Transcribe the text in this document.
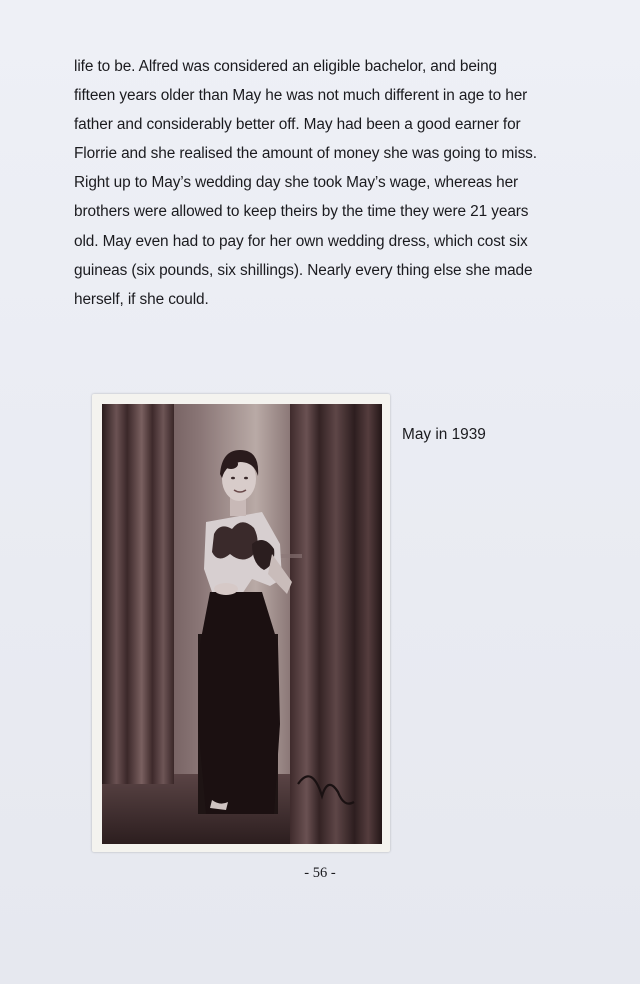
life to be. Alfred was considered an eligible bachelor, and being
fifteen years older than May he was not much different in age to her
father and considerably better off. May had been a good earner for
Florrie and she realised the amount of money she was going to miss.
Right up to May’s wedding day she took May’s wage, whereas her
brothers were allowed to keep theirs by the time they were 21 years
old. May even had to pay for her own wedding dress, which cost six
guineas (six pounds, six shillings). Nearly every thing else she made
herself, if she could.

May in 1939

- 56 -
